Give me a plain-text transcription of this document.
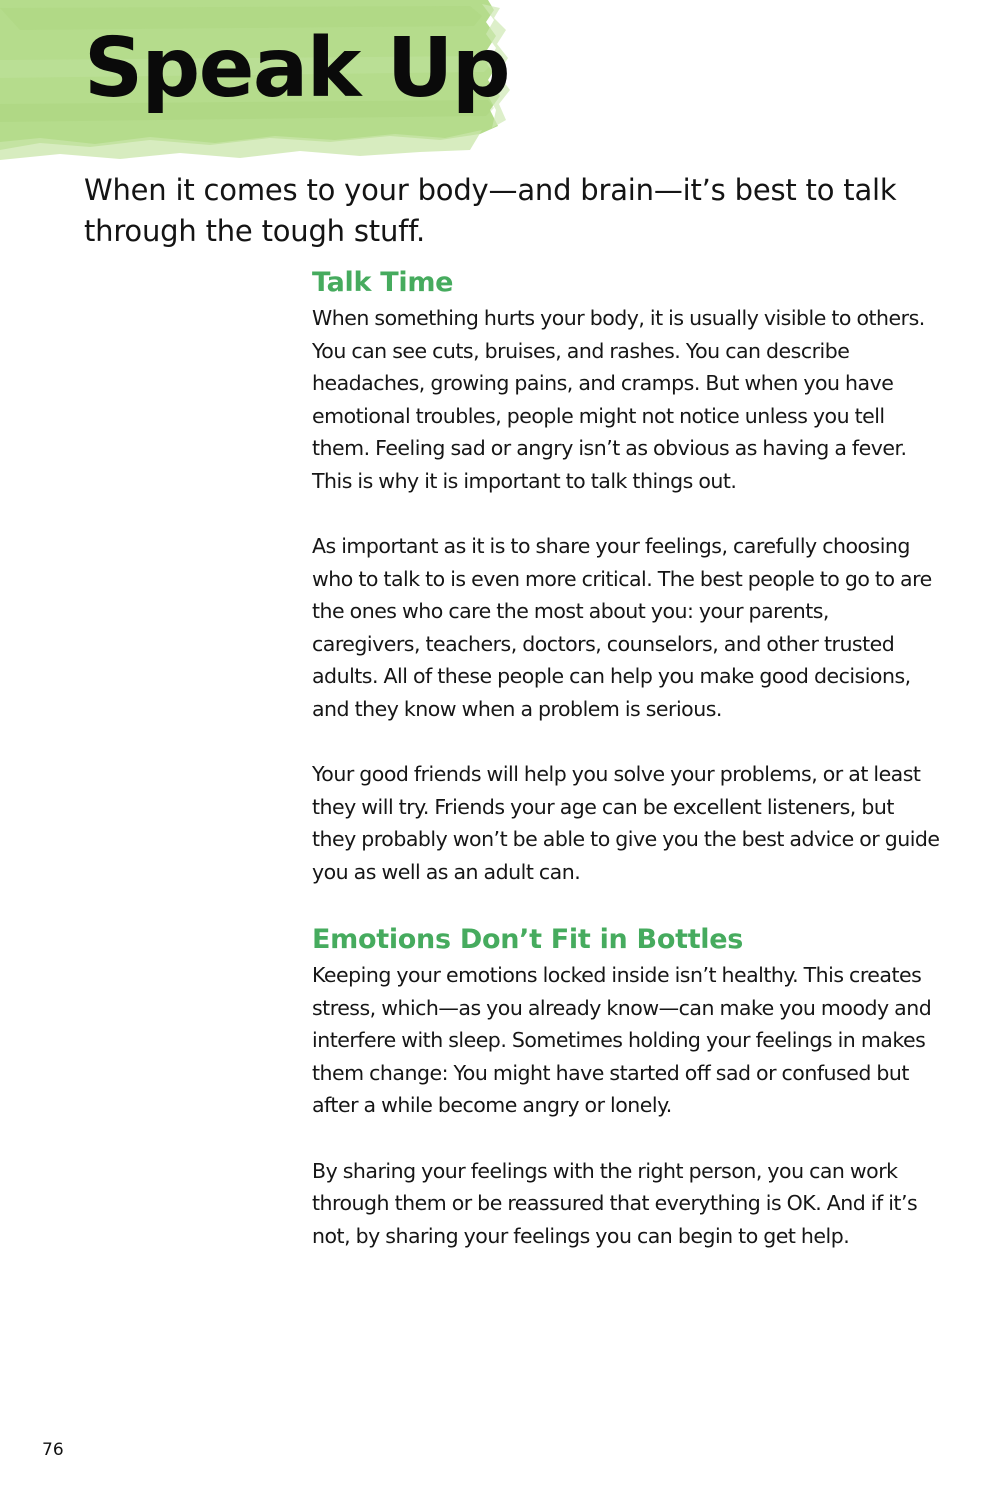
Speak Up

When it comes to your body—and brain—it’s best to talk through the tough stuff.

Talk Time

When something hurts your body, it is usually visible to others. You can see cuts, bruises, and rashes. You can describe headaches, growing pains, and cramps. But when you have emotional troubles, people might not notice unless you tell them. Feeling sad or angry isn’t as obvious as having a fever. This is why it is important to talk things out.

As important as it is to share your feelings, carefully choosing who to talk to is even more critical. The best people to go to are the ones who care the most about you: your parents, caregivers, teachers, doctors, counselors, and other trusted adults. All of these people can help you make good decisions, and they know when a problem is serious.

Your good friends will help you solve your problems, or at least they will try. Friends your age can be excellent listeners, but they probably won’t be able to give you the best advice or guide you as well as an adult can.

Emotions Don’t Fit in Bottles

Keeping your emotions locked inside isn’t healthy. This creates stress, which—as you already know—can make you moody and interfere with sleep. Sometimes holding your feelings in makes them change: You might have started off sad or confused but after a while become angry or lonely.

By sharing your feelings with the right person, you can work through them or be reassured that everything is OK. And if it’s not, by sharing your feelings you can begin to get help.

76
